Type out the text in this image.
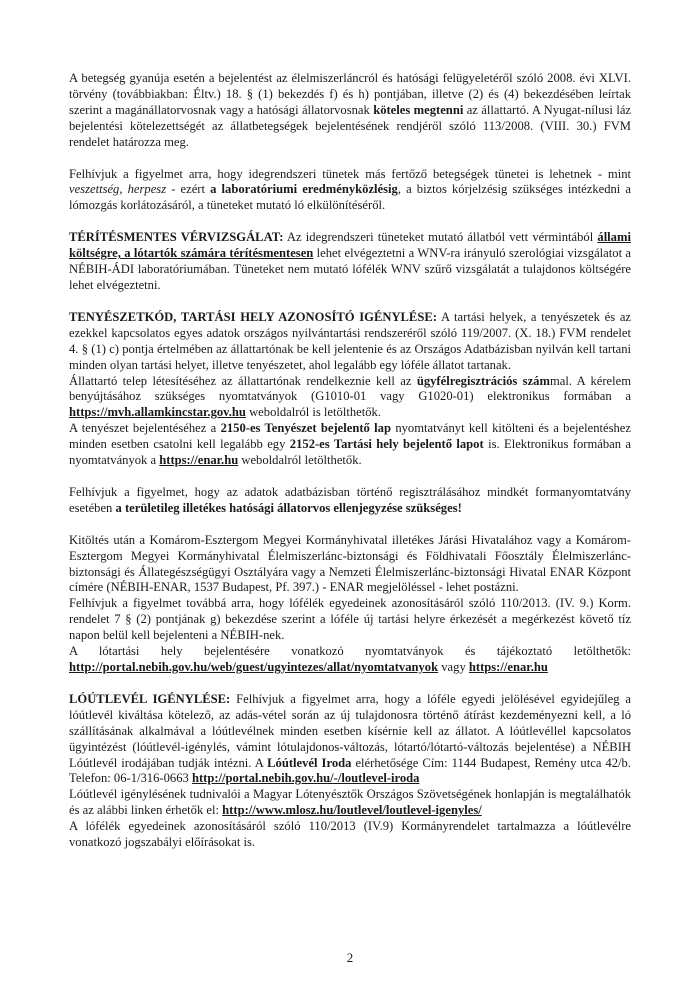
A betegség gyanúja esetén a bejelentést az élelmiszerláncról és hatósági felügyeletéről szóló 2008. évi XLVI. törvény (továbbiakban: Éltv.) 18. § (1) bekezdés f) és h) pontjában, illetve (2) és (4) bekezdésében leírtak szerint a magánállatorvosnak vagy a hatósági állatorvosnak köteles megtenni az állattartó. A Nyugat-nílusi láz bejelentési kötelezettségét az állatbetegségek bejelentésének rendjéről szóló 113/2008. (VIII. 30.) FVM rendelet határozza meg.

Felhívjuk a figyelmet arra, hogy idegrendszeri tünetek más fertőző betegségek tünetei is lehetnek - mint veszettség, herpesz - ezért a laboratóriumi eredményközlésig, a biztos kórjelzésig szükséges intézkedni a lómozgás korlátozásáról, a tüneteket mutató ló elkülönítéséről.

TÉRÍTÉSMENTES VÉRVIZSGÁLAT: Az idegrendszeri tüneteket mutató állatból vett vérmintából állami költségre, a lótartók számára térítésmentesen lehet elvégeztetni a WNV-ra irányuló szerológiai vizsgálatot a NÉBIH-ÁDI laboratóriumában. Tüneteket nem mutató lófélék WNV szűrő vizsgálatát a tulajdonos költségére lehet elvégeztetni.

TENYÉSZETKÓD, TARTÁSI HELY AZONOSÍTÓ IGÉNYLÉSE: A tartási helyek, a tenyészetek és az ezekkel kapcsolatos egyes adatok országos nyilvántartási rendszeréről szóló 119/2007. (X. 18.) FVM rendelet 4. § (1) c) pontja értelmében az állattartónak be kell jelentenie és az Országos Adatbázisban nyilván kell tartani minden olyan tartási helyet, illetve tenyészetet, ahol legalább egy lóféle állatot tartanak.

Állattartó telep létesítéséhez az állattartónak rendelkeznie kell az ügyfélregisztrációs számmal. A kérelem benyújtásához szükséges nyomtatványok (G1010-01 vagy G1020-01) elektronikus formában a https://mvh.allamkincstar.gov.hu weboldalról is letölthetők.

A tenyészet bejelentéséhez a 2150-es Tenyészet bejelentő lap nyomtatványt kell kitölteni és a bejelentéshez minden esetben csatolni kell legalább egy 2152-es Tartási hely bejelentő lapot is. Elektronikus formában a nyomtatványok a https://enar.hu weboldalról letölthetők.

Felhívjuk a figyelmet, hogy az adatok adatbázisban történő regisztrálásához mindkét formanyomtatvány esetében a területileg illetékes hatósági állatorvos ellenjegyzése szükséges!

Kitöltés után a Komárom-Esztergom Megyei Kormányhivatal illetékes Járási Hivatalához vagy a Komárom-Esztergom Megyei Kormányhivatal Élelmiszerlánc-biztonsági és Földhivatali Főosztály Élelmiszerlánc-biztonsági és Állategészségügyi Osztályára vagy a Nemzeti Élelmiszerlánc-biztonsági Hivatal ENAR Központ címére (NÉBIH-ENAR, 1537 Budapest, Pf. 397.) - ENAR megjelöléssel - lehet postázni.

Felhívjuk a figyelmet továbbá arra, hogy lófélék egyedeinek azonosításáról szóló 110/2013. (IV. 9.) Korm. rendelet 7 § (2) pontjának g) bekezdése szerint a lóféle új tartási helyre érkezését a megérkezést követő tíz napon belül kell bejelenteni a NÉBIH-nek.

A lótartási hely bejelentésére vonatkozó nyomtatványok és tájékoztató letölthetők: http://portal.nebih.gov.hu/web/guest/ugyintezes/allat/nyomtatvanyok vagy https://enar.hu

LÓÚTLEVÉL IGÉNYLÉSE: Felhívjuk a figyelmet arra, hogy a lóféle egyedi jelölésével egyidejűleg a lóútlevél kiváltása kötelező, az adás-vétel során az új tulajdonosra történő átírást kezdeményezni kell, a ló szállításának alkalmával a lóútlevélnek minden esetben kísérnie kell az állatot. A lóútlevéllel kapcsolatos ügyintézést (lóútlevél-igénylés, vámint lótulajdonos-változás, lótartó/lótartó-változás bejelentése) a NÉBIH Lóútlevél irodájában tudják intézni. A Lóútlevél Iroda elérhetősége Cím: 1144 Budapest, Remény utca 42/b. Telefon: 06-1/316-0663 http://portal.nebih.gov.hu/-/loutlevel-iroda

Lóútlevél igénylésének tudnivalói a Magyar Lótenyésztők Országos Szövetségének honlapján is megtalálhatók és az alábbi linken érhetők el: http://www.mlosz.hu/loutlevel/loutlevel-igenyles/

A lófélék egyedeinek azonosításáról szóló 110/2013 (IV.9) Kormányrendelet tartalmazza a lóútlevélre vonatkozó jogszabályi előírásokat is.

2
